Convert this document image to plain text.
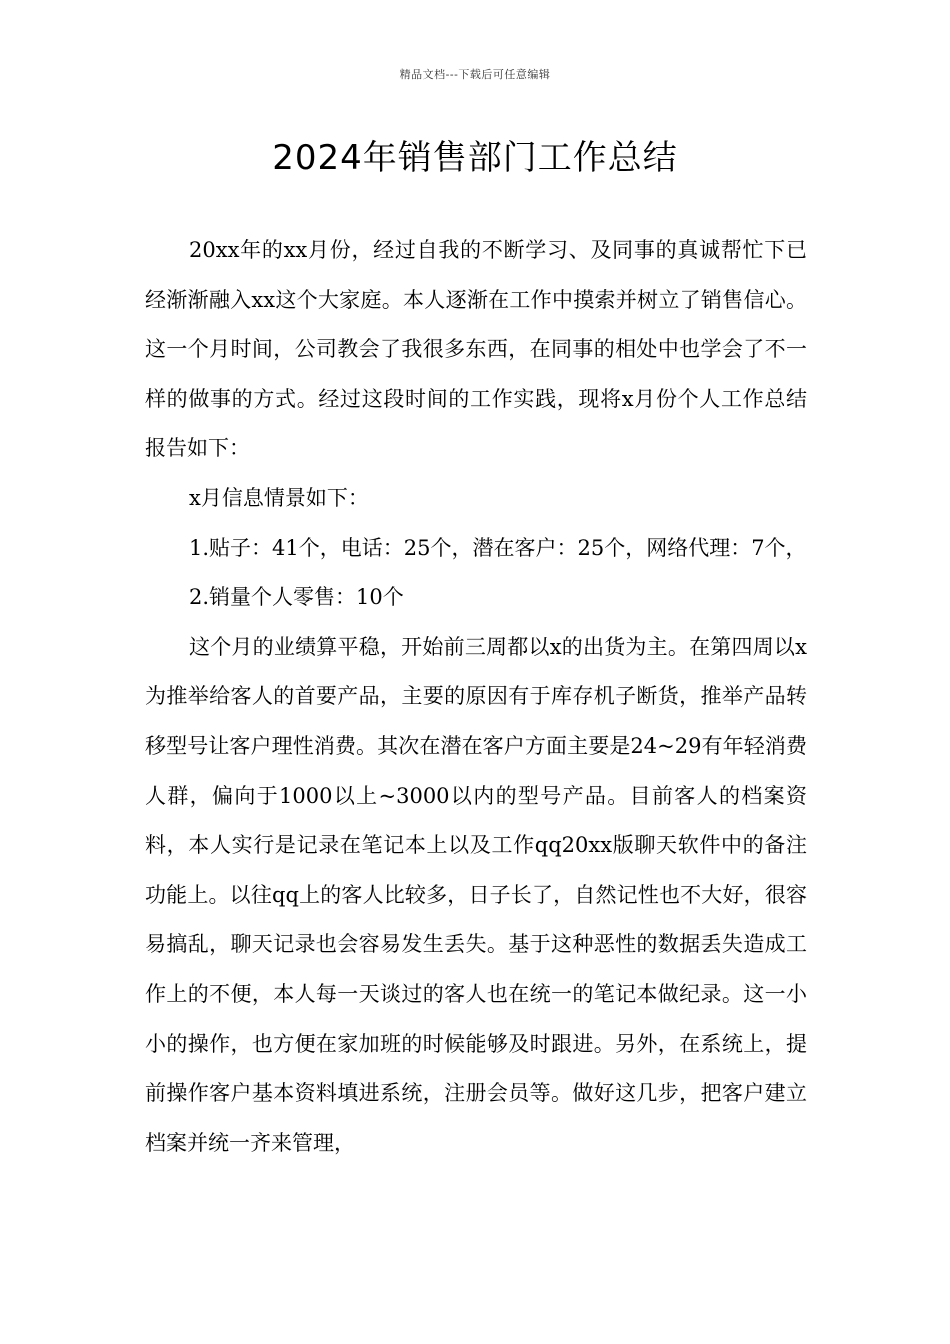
精品文档---下载后可任意编辑
2024年销售部门工作总结

20xx年的xx月份，经过自我的不断学习、及同事的真诚帮忙下已经渐渐融入xx这个大家庭。本人逐渐在工作中摸索并树立了销售信心。这一个月时间，公司教会了我很多东西，在同事的相处中也学会了不一样的做事的方式。经过这段时间的工作实践，现将x月份个人工作总结报告如下：

x月信息情景如下：

1.贴子：41个，电话：25个，潜在客户：25个，网络代理：7个，

2.销量个人零售：10个

这个月的业绩算平稳，开始前三周都以x的出货为主。在第四周以x为推举给客人的首要产品，主要的原因有于库存机子断货，推举产品转移型号让客户理性消费。其次在潜在客户方面主要是24~29有年轻消费人群，偏向于1000以上~3000以内的型号产品。目前客人的档案资料，本人实行是记录在笔记本上以及工作qq20xx版聊天软件中的备注功能上。以往qq上的客人比较多，日子长了，自然记性也不大好，很容易搞乱，聊天记录也会容易发生丢失。基于这种恶性的数据丢失造成工作上的不便，本人每一天谈过的客人也在统一的笔记本做纪录。这一小小的操作，也方便在家加班的时候能够及时跟进。另外，在系统上，提前操作客户基本资料填进系统，注册会员等。做好这几步，把客户建立档案并统一齐来管理，
